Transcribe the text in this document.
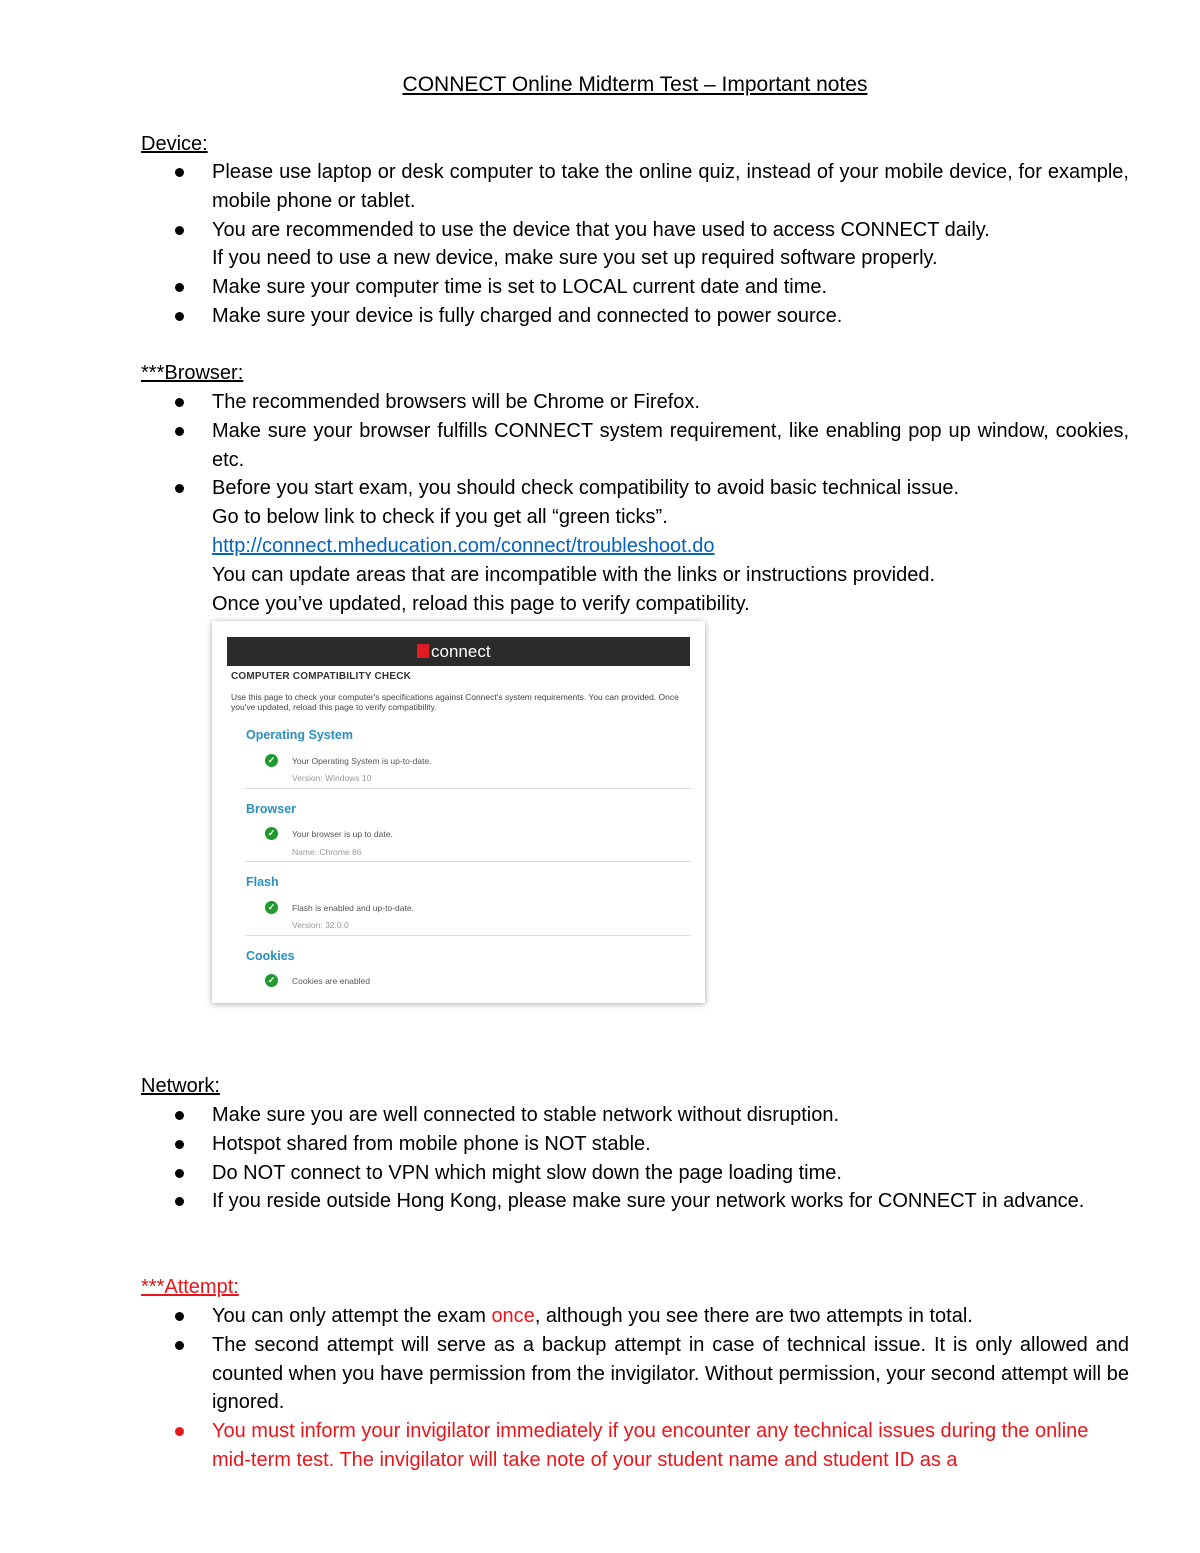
CONNECT Online Midterm Test – Important notes
Device:
Please use laptop or desk computer to take the online quiz, instead of your mobile device, for example, mobile phone or tablet.
You are recommended to use the device that you have used to access CONNECT daily.
If you need to use a new device, make sure you set up required software properly.
Make sure your computer time is set to LOCAL current date and time.
Make sure your device is fully charged and connected to power source.
***Browser:
The recommended browsers will be Chrome or Firefox.
Make sure your browser fulfills CONNECT system requirement, like enabling pop up window, cookies, etc.
Before you start exam, you should check compatibility to avoid basic technical issue.
Go to below link to check if you get all “green ticks”.
http://connect.mheducation.com/connect/troubleshoot.do
You can update areas that are incompatible with the links or instructions provided.
Once you’ve updated, reload this page to verify compatibility.
connect
COMPUTER COMPATIBILITY CHECK
Use this page to check your computer's specifications against Connect's system requirements. You can provided. Once you've updated, reload this page to verify compatibility.
Operating System
✓	Your Operating System is up-to-date.
Version: Windows 10
Browser
✓	Your browser is up to date.
Name: Chrome 86
Flash
✓	Flash is enabled and up-to-date.
Version: 32.0.0
Cookies
✓	Cookies are enabled
Network:
Make sure you are well connected to stable network without disruption.
Hotspot shared from mobile phone is NOT stable.
Do NOT connect to VPN which might slow down the page loading time.
If you reside outside Hong Kong, please make sure your network works for CONNECT in advance.
***Attempt:
You can only attempt the exam once, although you see there are two attempts in total.
The second attempt will serve as a backup attempt in case of technical issue. It is only allowed and counted when you have permission from the invigilator. Without permission, your second attempt will be ignored.
You must inform your invigilator immediately if you encounter any technical issues during the online mid-term test. The invigilator will take note of your student name and student ID as a
